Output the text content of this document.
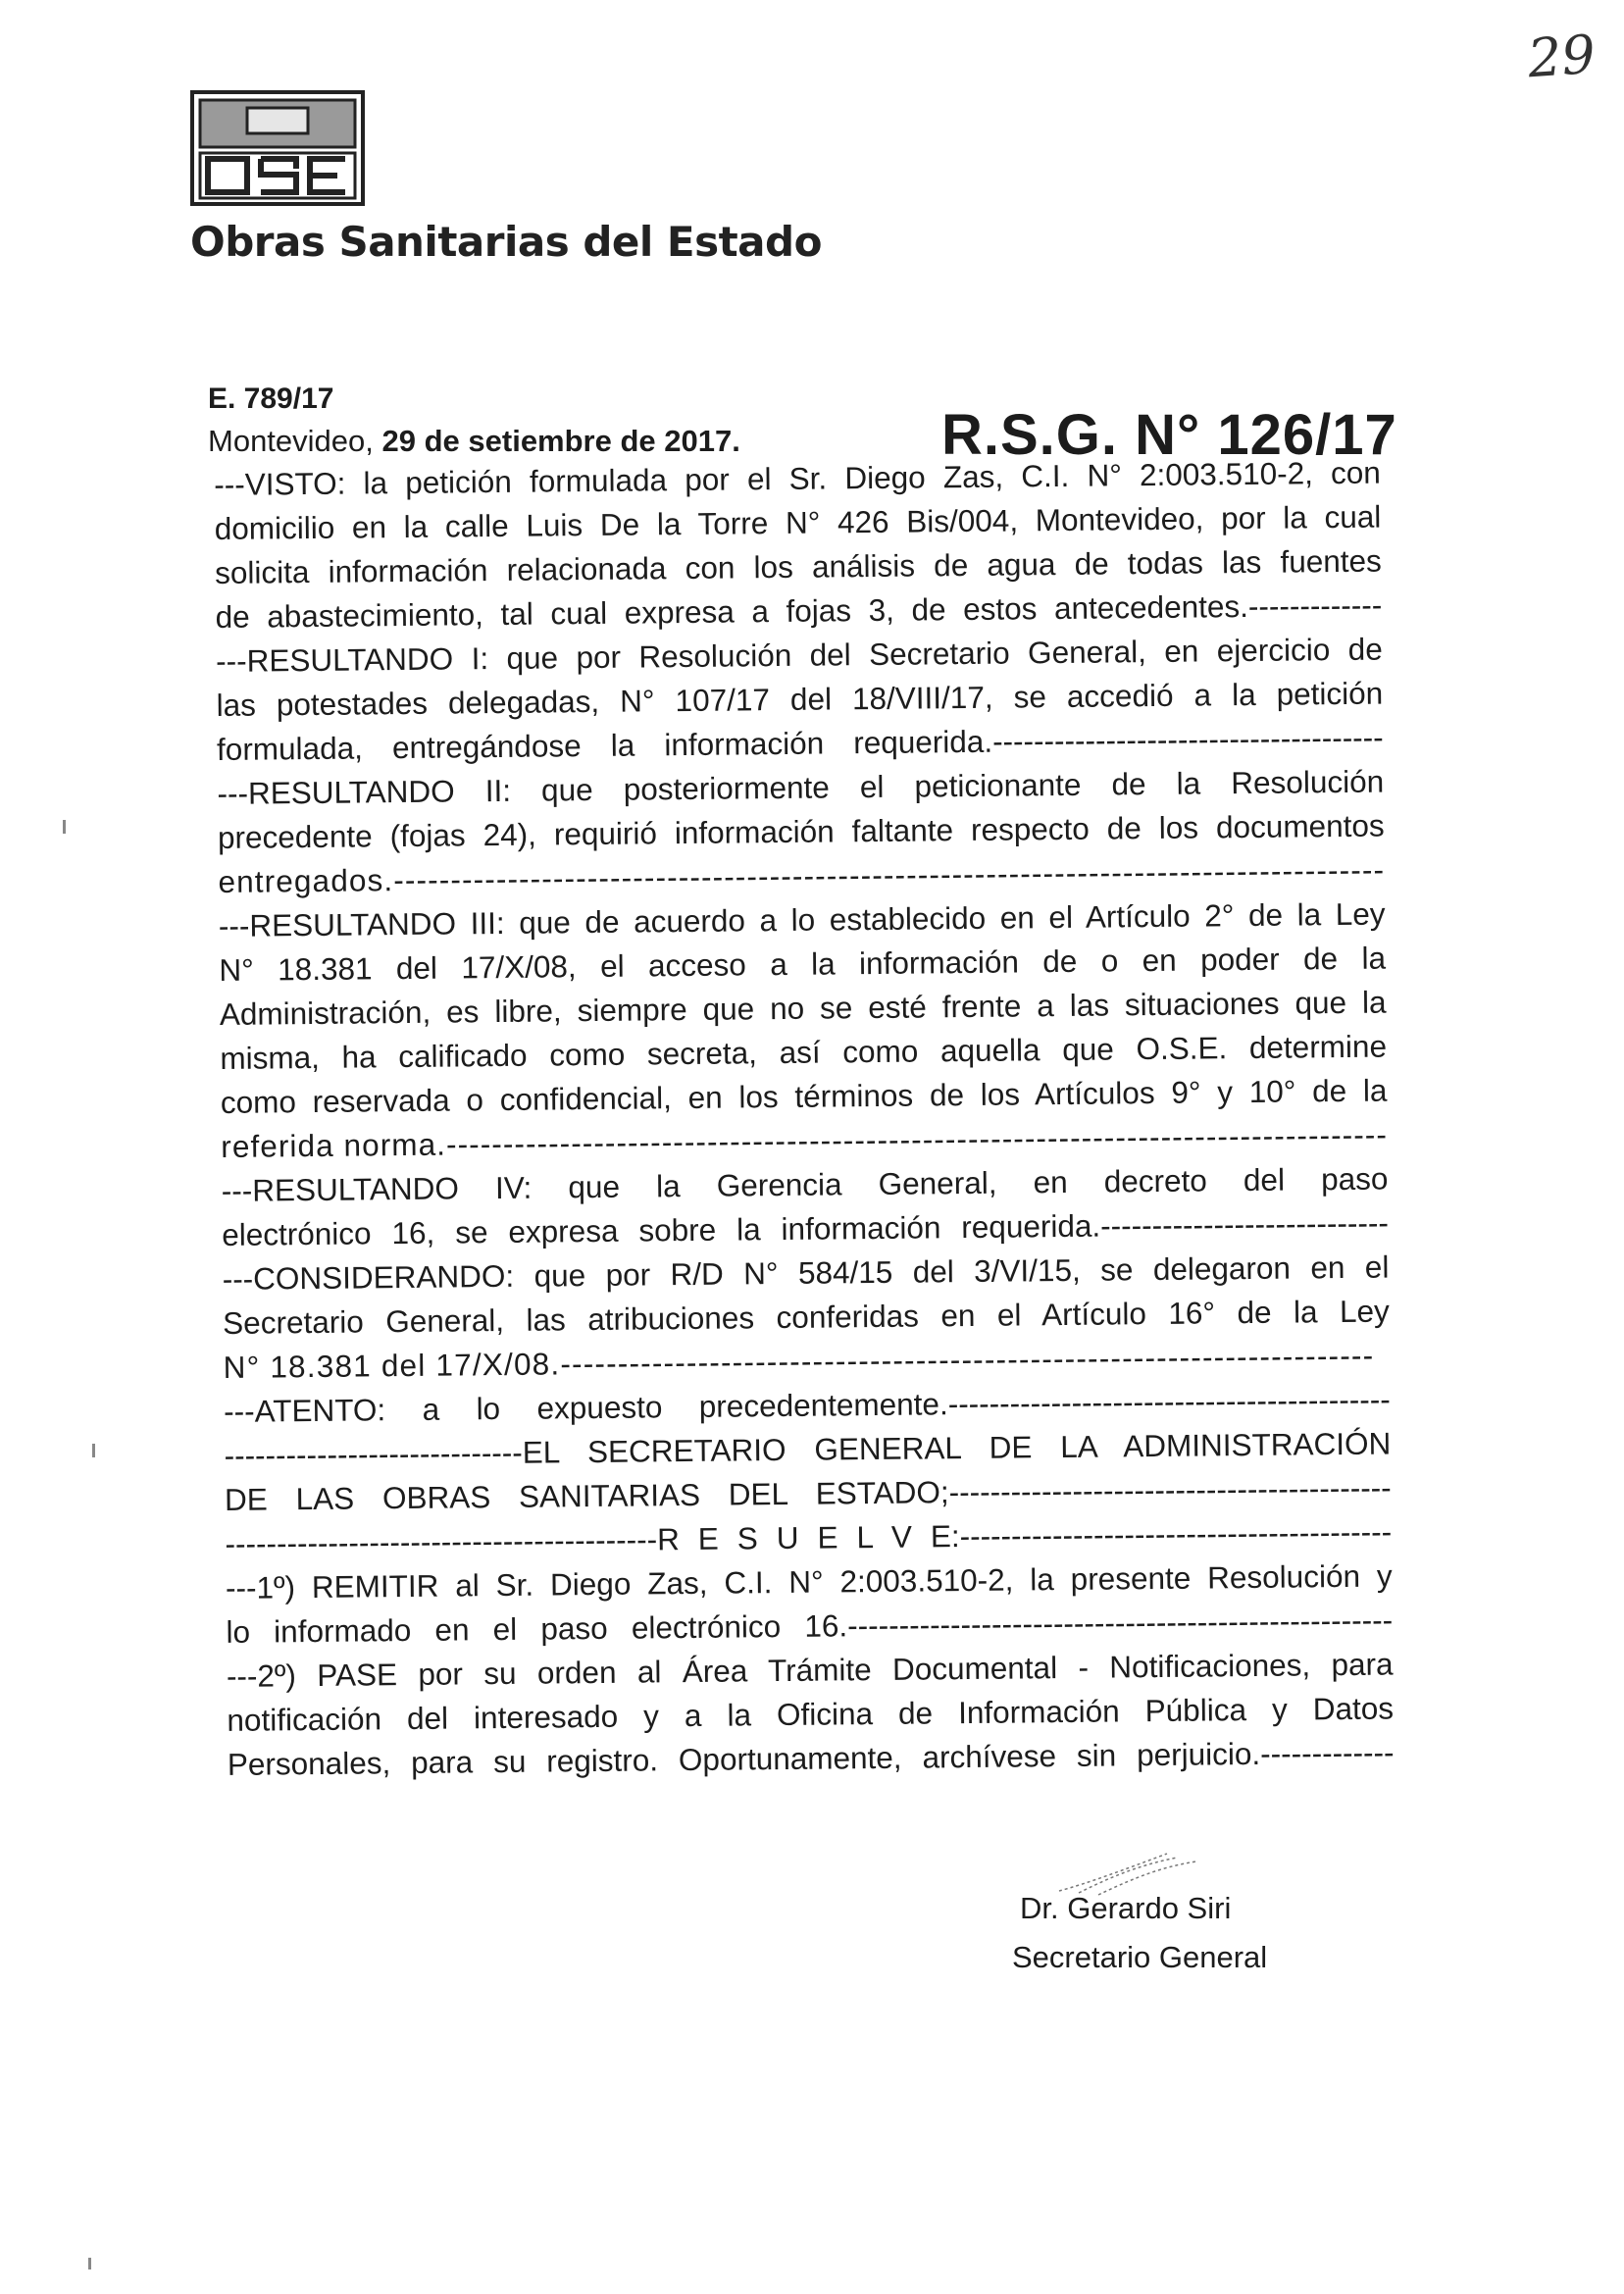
29
Obras Sanitarias del Estado
E. 789/17
Montevideo, 29 de setiembre de 2017.	R.S.G. N° 126/17
---VISTO: la petición formulada por el Sr. Diego Zas, C.I. N° 2:003.510-2, con
domicilio en la calle Luis De la Torre N° 426 Bis/004, Montevideo, por la cual
solicita información relacionada con los análisis de agua de todas las fuentes
de abastecimiento, tal cual expresa a fojas 3, de estos antecedentes.-------------
---RESULTANDO I: que por Resolución del Secretario General, en ejercicio de
las potestades delegadas, N° 107/17 del 18/VIII/17, se accedió a la petición
formulada, entregándose la información requerida.--------------------------------------
---RESULTANDO II: que posteriormente el peticionante de la Resolución
precedente (fojas 24), requirió información faltante respecto de los documentos
entregados.---------------------------------------------------------------------------------------
---RESULTANDO III: que de acuerdo a lo establecido en el Artículo 2° de la Ley
N° 18.381 del 17/X/08, el acceso a la información de o en poder de la
Administración, es libre, siempre que no se esté frente a las situaciones que la
misma, ha calificado como secreta, así como aquella que O.S.E. determine
como reservada o confidencial, en los términos de los Artículos 9° y 10° de la
referida norma.-----------------------------------------------------------------------------------
---RESULTANDO IV: que la Gerencia General, en decreto del paso
electrónico 16, se expresa sobre la información requerida.----------------------------
---CONSIDERANDO: que por R/D N° 584/15 del 3/VI/15, se delegaron en el
Secretario General, las atribuciones conferidas en el Artículo 16° de la Ley
N° 18.381 del 17/X/08.-----------------------------------------------------------------------
---ATENTO: a lo expuesto precedentemente.-------------------------------------------
-----------------------------EL SECRETARIO GENERAL DE LA ADMINISTRACIÓN
DE LAS OBRAS SANITARIAS DEL ESTADO;-------------------------------------------
------------------------------------------R E S U E L V E:------------------------------------------
---1º) REMITIR al Sr. Diego Zas, C.I. N° 2:003.510-2, la presente Resolución y
lo informado en el paso electrónico 16.-----------------------------------------------------
---2º) PASE por su orden al Área Trámite Documental - Notificaciones, para
notificación del interesado y a la Oficina de Información Pública y Datos
Personales, para su registro. Oportunamente, archívese sin perjuicio.-------------
Dr. Gerardo Siri
Secretario General
